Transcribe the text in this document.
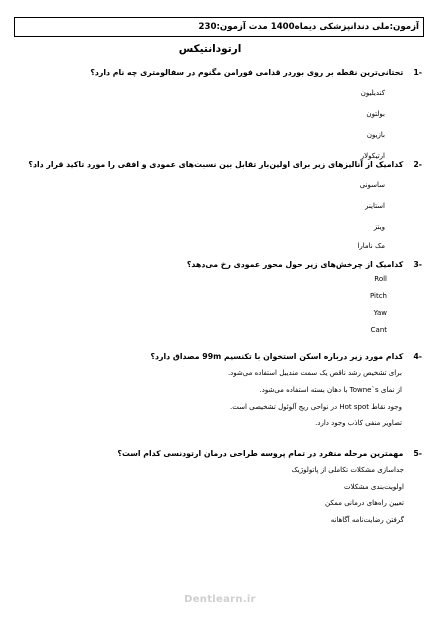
آزمون:ملی دندانپزشکی دیماه1400 مدت آزمون:230
ارتودانتیکس
-1 تحتانی‌ترین نقطه بر روی بوردر قدامی فورامن مگنوم در سفالومتری چه نام دارد؟
کندیلیون
بولتون
بازیون
ارتیکولار
-2 کدامیک از آنالیزهای زیر برای اولین‌بار تقابل بین نسبت‌های عمودی و افقی را مورد تاکید قرار داد؟
ساسونی
استاینر
ویتز
مک نامارا
-3 کدامیک از چرخش‌های زیر حول محور عمودی رخ می‌دهد؟
Roll
Pitch
Yaw
Cant
-4 کدام مورد زیر درباره اسکن استخوان با تکنسیم 99m مصداق دارد؟
برای تشخیص رشد ناقص یک سمت مندیبل استفاده می‌شود.
از نمای Towne`s با دهان بسته استفاده می‌شود.
وجود نقاط Hot spot در نواحی ریج آلوئول تشخیصی است.
تصاویر منفی کاذب وجود دارد.
-5 مهمترین مرحله منفرد در تمام پروسه طراحی درمان ارتودنسی کدام است؟
جداسازی مشکلات تکاملی از پاتولوژیک
اولویت‌بندی مشکلات
تعیین راه‌های درمانی ممکن
گرفتن رضایت‌نامه آگاهانه
Dentlearn.ir
